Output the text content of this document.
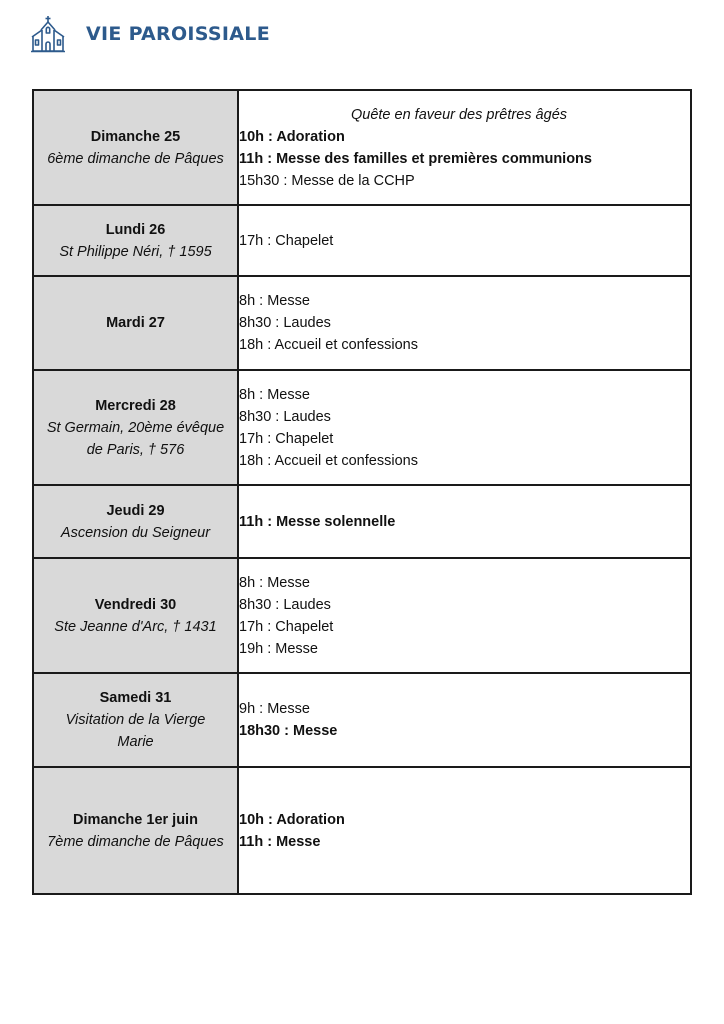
VIE PAROISSIALE
Dimanche 25
6ème dimanche de Pâques	Quête en faveur des prêtres âgés
10h : Adoration
11h : Messe des familles et premières communions
15h30 : Messe de la CCHP

Lundi 26
St Philippe Néri, † 1595	17h : Chapelet

Mardi 27	8h : Messe
8h30 : Laudes
18h : Accueil et confessions

Mercredi 28
St Germain, 20ème évêque de Paris, † 576	8h : Messe
8h30 : Laudes
17h : Chapelet
18h : Accueil et confessions

Jeudi 29
Ascension du Seigneur	11h : Messe solennelle

Vendredi 30
Ste Jeanne d'Arc, † 1431	8h : Messe
8h30 : Laudes
17h : Chapelet
19h : Messe

Samedi 31
Visitation de la Vierge Marie	9h : Messe
18h30 : Messe

Dimanche 1er juin
7ème dimanche de Pâques	10h : Adoration
11h : Messe
